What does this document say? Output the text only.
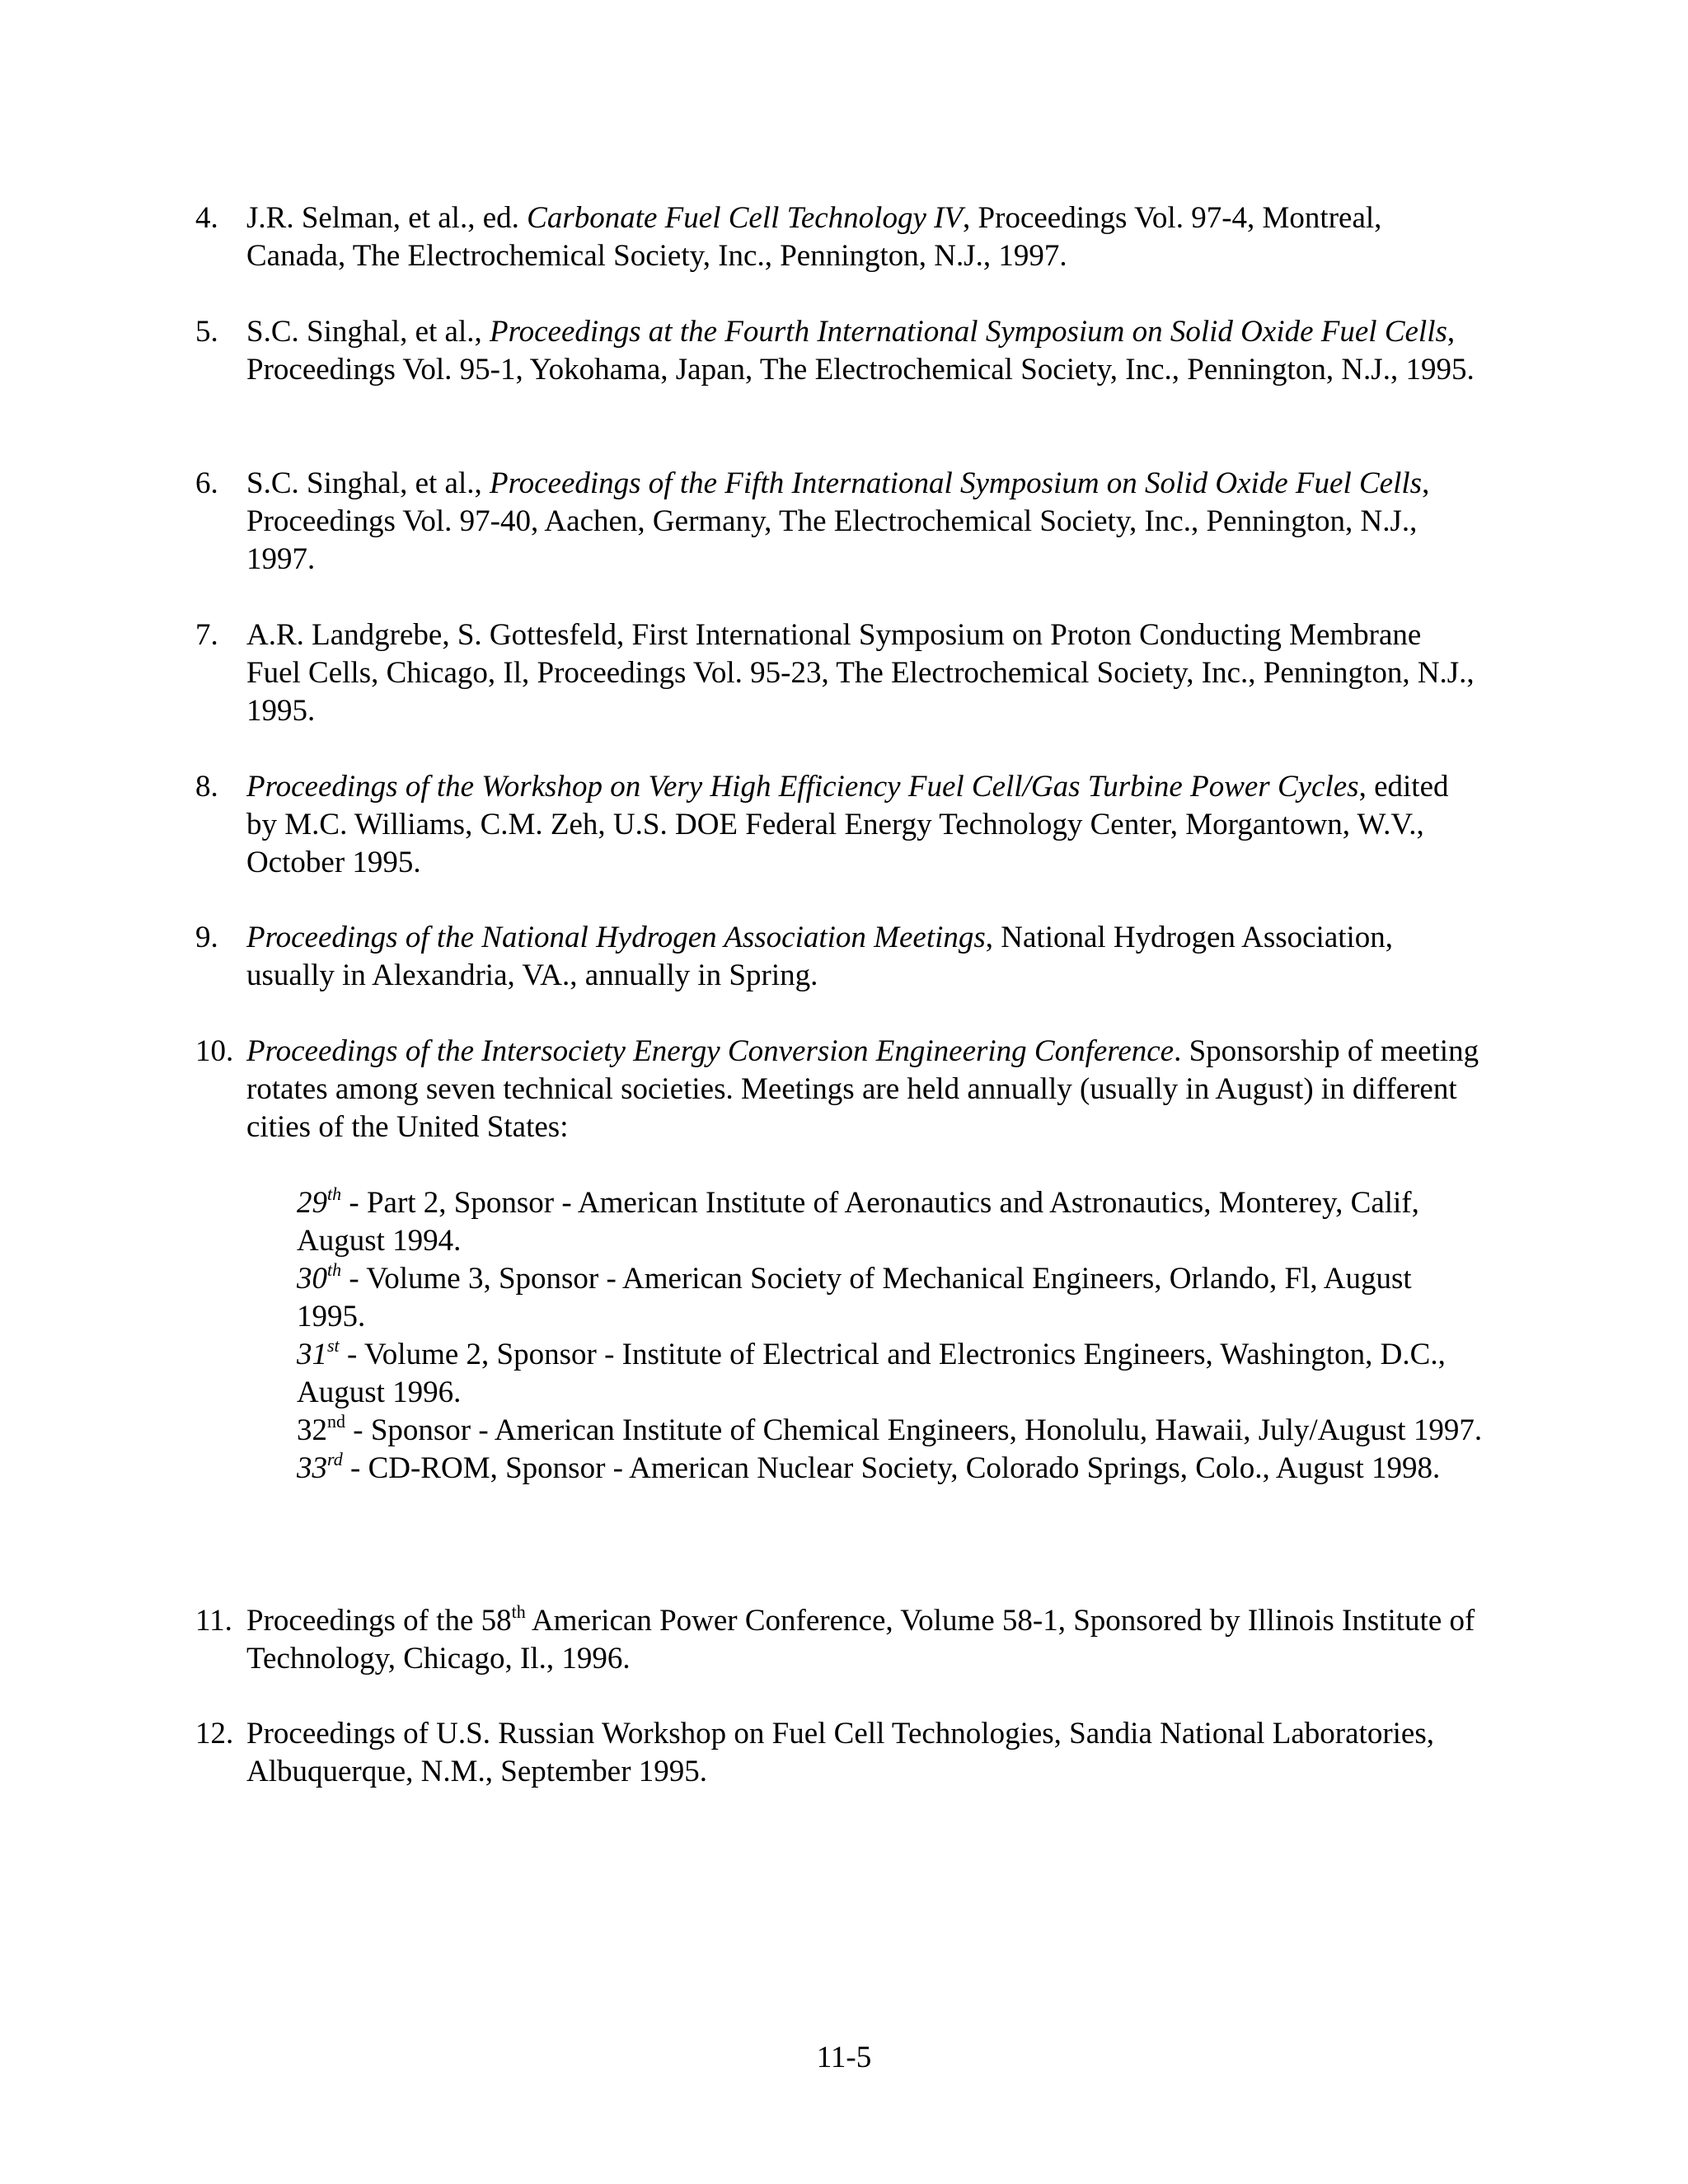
4. J.R. Selman, et al., ed. Carbonate Fuel Cell Technology IV, Proceedings Vol. 97-4, Montreal, Canada, The Electrochemical Society, Inc., Pennington, N.J., 1997.
5. S.C. Singhal, et al., Proceedings at the Fourth International Symposium on Solid Oxide Fuel Cells, Proceedings Vol. 95-1, Yokohama, Japan, The Electrochemical Society, Inc., Pennington, N.J., 1995.
6. S.C. Singhal, et al., Proceedings of the Fifth International Symposium on Solid Oxide Fuel Cells, Proceedings Vol. 97-40, Aachen, Germany, The Electrochemical Society, Inc., Pennington, N.J., 1997.
7. A.R. Landgrebe, S. Gottesfeld, First International Symposium on Proton Conducting Membrane Fuel Cells, Chicago, Il, Proceedings Vol. 95-23, The Electrochemical Society, Inc., Pennington, N.J., 1995.
8. Proceedings of the Workshop on Very High Efficiency Fuel Cell/Gas Turbine Power Cycles, edited by M.C. Williams, C.M. Zeh, U.S. DOE Federal Energy Technology Center, Morgantown, W.V., October 1995.
9. Proceedings of the National Hydrogen Association Meetings, National Hydrogen Association, usually in Alexandria, VA., annually in Spring.
10. Proceedings of the Intersociety Energy Conversion Engineering Conference. Sponsorship of meeting rotates among seven technical societies. Meetings are held annually (usually in August) in different cities of the United States:
29th - Part 2, Sponsor - American Institute of Aeronautics and Astronautics, Monterey, Calif, August 1994.
30th - Volume 3, Sponsor - American Society of Mechanical Engineers, Orlando, Fl, August 1995.
31st - Volume 2, Sponsor - Institute of Electrical and Electronics Engineers, Washington, D.C., August 1996.
32nd - Sponsor - American Institute of Chemical Engineers, Honolulu, Hawaii, July/August 1997.
33rd - CD-ROM, Sponsor - American Nuclear Society, Colorado Springs, Colo., August 1998.
11. Proceedings of the 58th American Power Conference, Volume 58-1, Sponsored by Illinois Institute of Technology, Chicago, Il., 1996.
12. Proceedings of U.S. Russian Workshop on Fuel Cell Technologies, Sandia National Laboratories, Albuquerque, N.M., September 1995.
11-5
